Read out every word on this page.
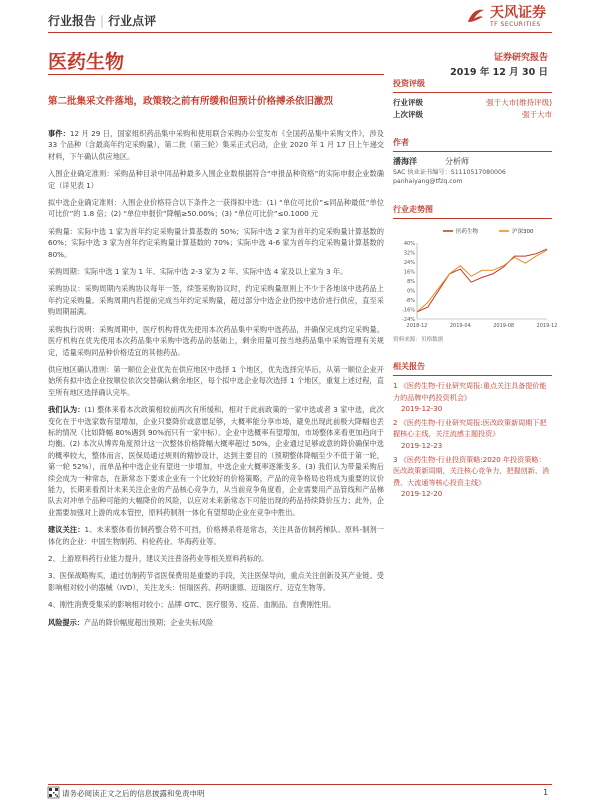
行业报告 | 行业点评	天风证券
TF SECURITIES
医药生物	证券研究报告
2019 年 12 月 30 日
第二批集采文件落地，政策较之前有所缓和但预计价格搏杀依旧激烈

事件：12 月 29 日，国家组织药品集中采购和使用联合采购办公室发布《全国药品集中采购文件》，涉及 33 个品种（含最高年约定采购量），第二批（第三轮）集采正式启动，企业 2020 年 1 月 17 日上午递交材料，下午确认供应地区。

入围企业确定准则：采购品种目录中同品种最多入围企业数根据符合“申报品种资格”的实际申报企业数确定（详见表 1）

拟中选企业确定准则：入围企业价格符合以下条件之一获得拟中选：(1) “单位可比价”≤同品种最低“单位可比价”的 1.8 倍；(2) “单位申报价”降幅≥50.00%；(3) “单位可比价”≤0.1000 元

采购量：实际中选 1 家为首年约定采购量计算基数的 50%；实际中选 2 家为首年约定采购量计算基数的 60%；实际中选 3 家为首年约定采购量计算基数的 70%；实际中选 4-6 家为首年约定采购量计算基数的 80%。

采购周期：实际中选 1 家为 1 年、实际中选 2-3 家为 2 年、实际中选 4 家及以上家为 3 年。

采购协议：采购周期内采购协议每年一签，续签采购协议时，约定采购量原则上不少于各地该中选药品上年约定采购量。采购周期内若提前完成当年约定采购量，超过部分中选企业仍按中选价进行供应，直至采购周期届满。

采购执行说明：采购周期中，医疗机构将优先使用本次药品集中采购中选药品，并确保完成约定采购量。医疗机构在优先使用本次药品集中采购中选药品的基础上，剩余用量可按当地药品集中采购管理有关规定，适量采购同品种价格适宜的其他药品。

供应地区确认准则：第一顺位企业优先在供应地区中选择 1 个地区，优先选择完毕后，从第一顺位企业开始所有拟中选企业按顺位依次交替确认剩余地区，每个拟中选企业每次选择 1 个地区，重复上述过程，直至所有地区选择确认完毕。

我们认为：(1) 整体来看本次政策相较前两次有所缓和，相对于此前政策的一家中选或者 3 家中选，此次变化在于中选家数有望增加，企业只要降价或意愿足够，大概率能分享市场，避免出现此前极大降幅也丢标的情况（比如降幅 80%遇到 90%而只有一家中标）。企业中选概率有望增加，市场整体来看更加趋向于均衡。(2) 本次从博弈角度预计这一次整体价格降幅大概率超过 50%，企业通过足够或意的降价确保中选的概率较大，整体而言，医保局通过规则的精妙设计，达到主要目的（预期整体降幅至少不低于第一轮，第一轮 52%），而单品种中选企业有望进一步增加，中选企业大概率逐渐变多。(3) 我们认为带量采购后续会成为一种常态，在新常态下要求企业有一个比较好的价格策略，产品的竞争格局也将成为重要的议价能力，长期来看预计未来关注企业的产品核心竞争力，从当前竞争角度看，企业需要用产品管线和产品梯队去对冲单个品种可能的大幅降价的风险，以应对未来新常态下可能出现的药品持续降价压力；此外，企业需要加强对上游的成本管控，原料药制剂一体化有望帮助企业在竞争中胜出。

建议关注：1、未来整体看仿制药整合势不可挡，价格搏杀将是常态，关注具备仿制药梯队、原料-制剂一体化的企业：中国生物制药、科伦药业、华海药业等。

2、上游原料药行业能力提升，建议关注普洛药业等相关原料药标的。

3、医保战略购买，通过仿制药节省医保费用是重要的手段，关注医保导向，重点关注创新及其产业链、受影响相对较小的器械（IVD），关注龙头：恒瑞医药、药明康德、迈瑞医疗、迈克生物等。

4、刚性消费受集采的影响相对较小；品牌 OTC、医疗服务、疫苗、血制品、自费刚性用。

风险提示：产品的降价幅度超出预期；企业失标风险

投资评级
行业评级	强于大市(维持评级)
上次评级	强于大市
作者
潘海洋	分析师
SAC 执业证书编号：S1110517080006
panhaiyang@tfzq.com
行业走势图
-24%
-16%
-8%
0%
8%
16%
24%
32%
40%
2018-12	2019-04	2019-08	2019-12
医药生物	沪深300
资料来源：贝格数据
相关报告
1 《医药生物-行业研究周报:重点关注具备提价能力的品牌中药投资机会》
2019-12-30
2 《医药生物-行业研究周报:医改政策新周期下把握核心主线，关注流感主题投资》
2019-12-23
3 《医药生物-行业投资策略:2020 年投资策略：医改政策新周期，关注核心竞争力，把握创新、消费、大流通等核心投资主线》
2019-12-20
请务必阅读正文之后的信息披露和免责申明	1
